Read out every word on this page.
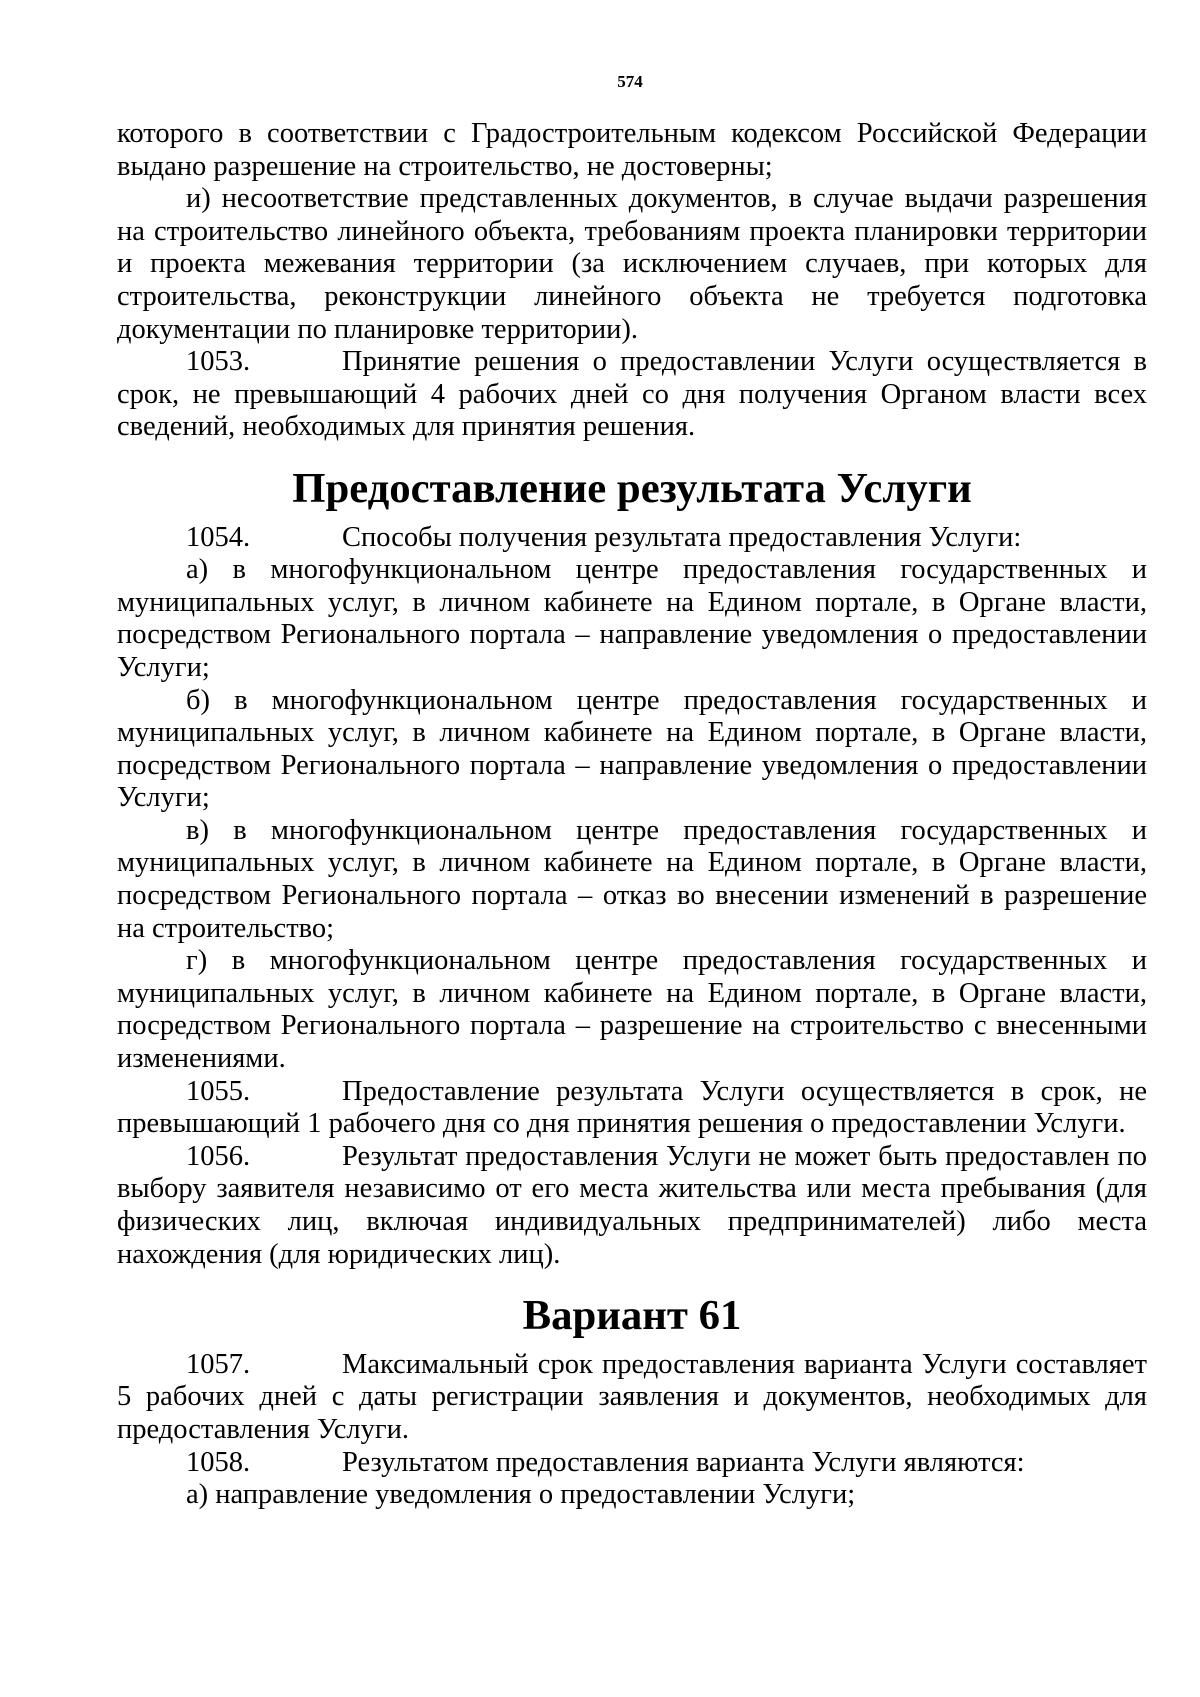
574

которого в соответствии с Градостроительным кодексом Российской Федерации выдано разрешение на строительство, не достоверны;

и) несоответствие представленных документов, в случае выдачи разрешения на строительство линейного объекта, требованиям проекта планировки территории и проекта межевания территории (за исключением случаев, при которых для строительства, реконструкции линейного объекта не требуется подготовка документации по планировке территории).

1053.	Принятие решения о предоставлении Услуги осуществляется в срок, не превышающий 4 рабочих дней со дня получения Органом власти всех сведений, необходимых для принятия решения.

Предоставление результата Услуги

1054.	Способы получения результата предоставления Услуги:

а) в многофункциональном центре предоставления государственных и муниципальных услуг, в личном кабинете на Едином портале, в Органе власти, посредством Регионального портала – направление уведомления о предоставлении Услуги;

б) в многофункциональном центре предоставления государственных и муниципальных услуг, в личном кабинете на Едином портале, в Органе власти, посредством Регионального портала – направление уведомления о предоставлении Услуги;

в) в многофункциональном центре предоставления государственных и муниципальных услуг, в личном кабинете на Едином портале, в Органе власти, посредством Регионального портала – отказ во внесении изменений в разрешение на строительство;

г) в многофункциональном центре предоставления государственных и муниципальных услуг, в личном кабинете на Едином портале, в Органе власти, посредством Регионального портала – разрешение на строительство с внесенными изменениями.

1055.	Предоставление результата Услуги осуществляется в срок, не превышающий 1 рабочего дня со дня принятия решения о предоставлении Услуги.

1056.	Результат предоставления Услуги не может быть предоставлен по выбору заявителя независимо от его места жительства или места пребывания (для физических лиц, включая индивидуальных предпринимателей) либо места нахождения (для юридических лиц).

Вариант 61

1057.	Максимальный срок предоставления варианта Услуги составляет 5 рабочих дней с даты регистрации заявления и документов, необходимых для предоставления Услуги.

1058.	Результатом предоставления варианта Услуги являются:

а) направление уведомления о предоставлении Услуги;
